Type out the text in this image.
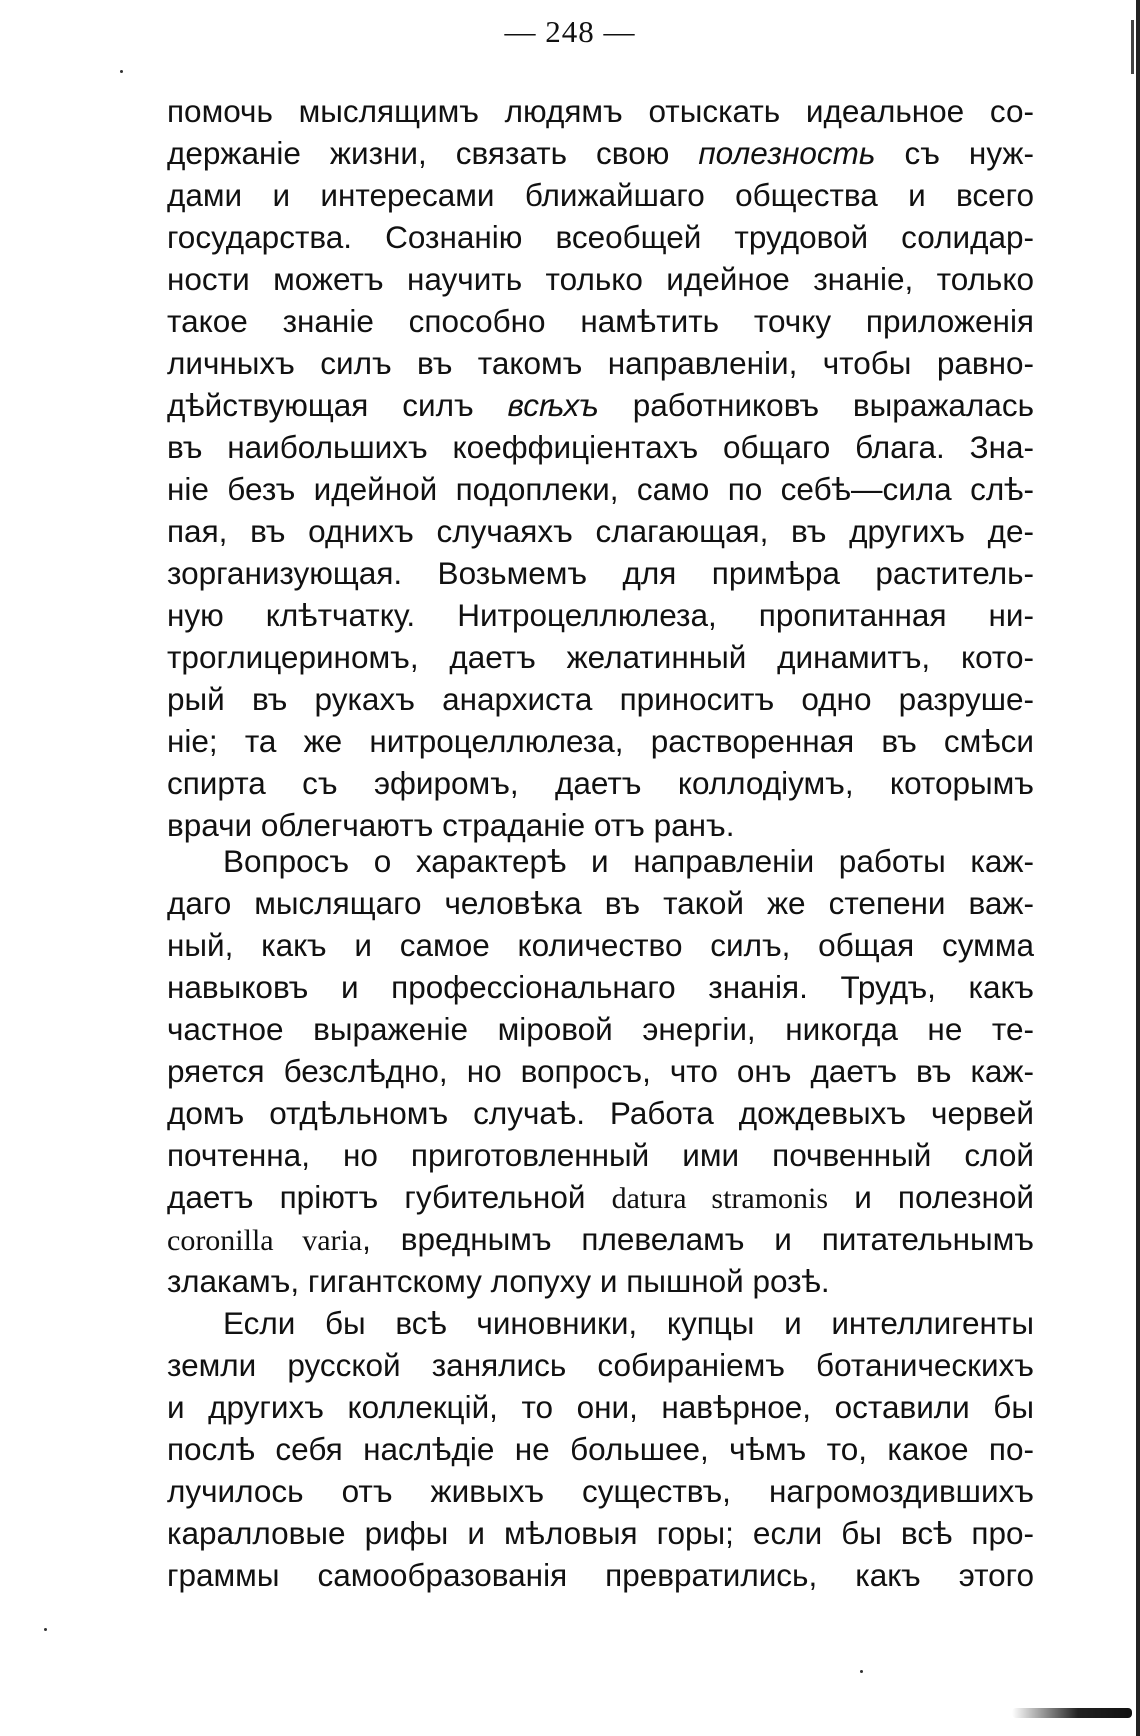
— 248 —
помочь мыслящимъ людямъ отыскать идеальное со-
держаніе жизни, связать свою полезность съ нуж-
дами и интересами ближайшаго общества и всего
государства. Сознанію всеобщей трудовой солидар-
ности можетъ научить только идейное знаніе, только
такое знаніе способно намѣтить точку приложенія
личныхъ силъ въ такомъ направленіи, чтобы равно-
дѣйствующая силъ всѣхъ работниковъ выражалась
въ наибольшихъ коеффиціентахъ общаго блага. Зна-
ніе безъ идейной подоплеки, само по себѣ—сила слѣ-
пая, въ однихъ случаяхъ слагающая, въ другихъ де-
зорганизующая. Возьмемъ для примѣра раститель-
ную клѣтчатку. Нитроцеллюлеза, пропитанная ни-
троглицериномъ, даетъ желатинный динамитъ, кото-
рый въ рукахъ анархиста приноситъ одно разруше-
ніе; та же нитроцеллюлеза, растворенная въ смѣси
спирта съ эфиромъ, даетъ коллодіумъ, которымъ
врачи облегчаютъ страданіе отъ ранъ.
Вопросъ о характерѣ и направленіи работы каж-
даго мыслящаго человѣка въ такой же степени важ-
ный, какъ и самое количество силъ, общая сумма
навыковъ и профессіональнаго знанія. Трудъ, какъ
частное выраженіе міровой энергіи, никогда не те-
ряется безслѣдно, но вопросъ, что онъ даетъ въ каж-
домъ отдѣльномъ случаѣ. Работа дождевыхъ червей
почтенна, но приготовленный ими почвенный слой
даетъ пріютъ губительной datura stramonis и полезной
coronilla varia, вреднымъ плевеламъ и питательнымъ
злакамъ, гигантскому лопуху и пышной розѣ.
Если бы всѣ чиновники, купцы и интеллигенты
земли русской занялись собираніемъ ботаническихъ
и другихъ коллекцій, то они, навѣрное, оставили бы
послѣ себя наслѣдіе не большее, чѣмъ то, какое по-
лучилось отъ живыхъ существъ, нагромоздившихъ
каралловые рифы и мѣловыя горы; если бы всѣ про-
граммы самообразованія превратились, какъ этого
